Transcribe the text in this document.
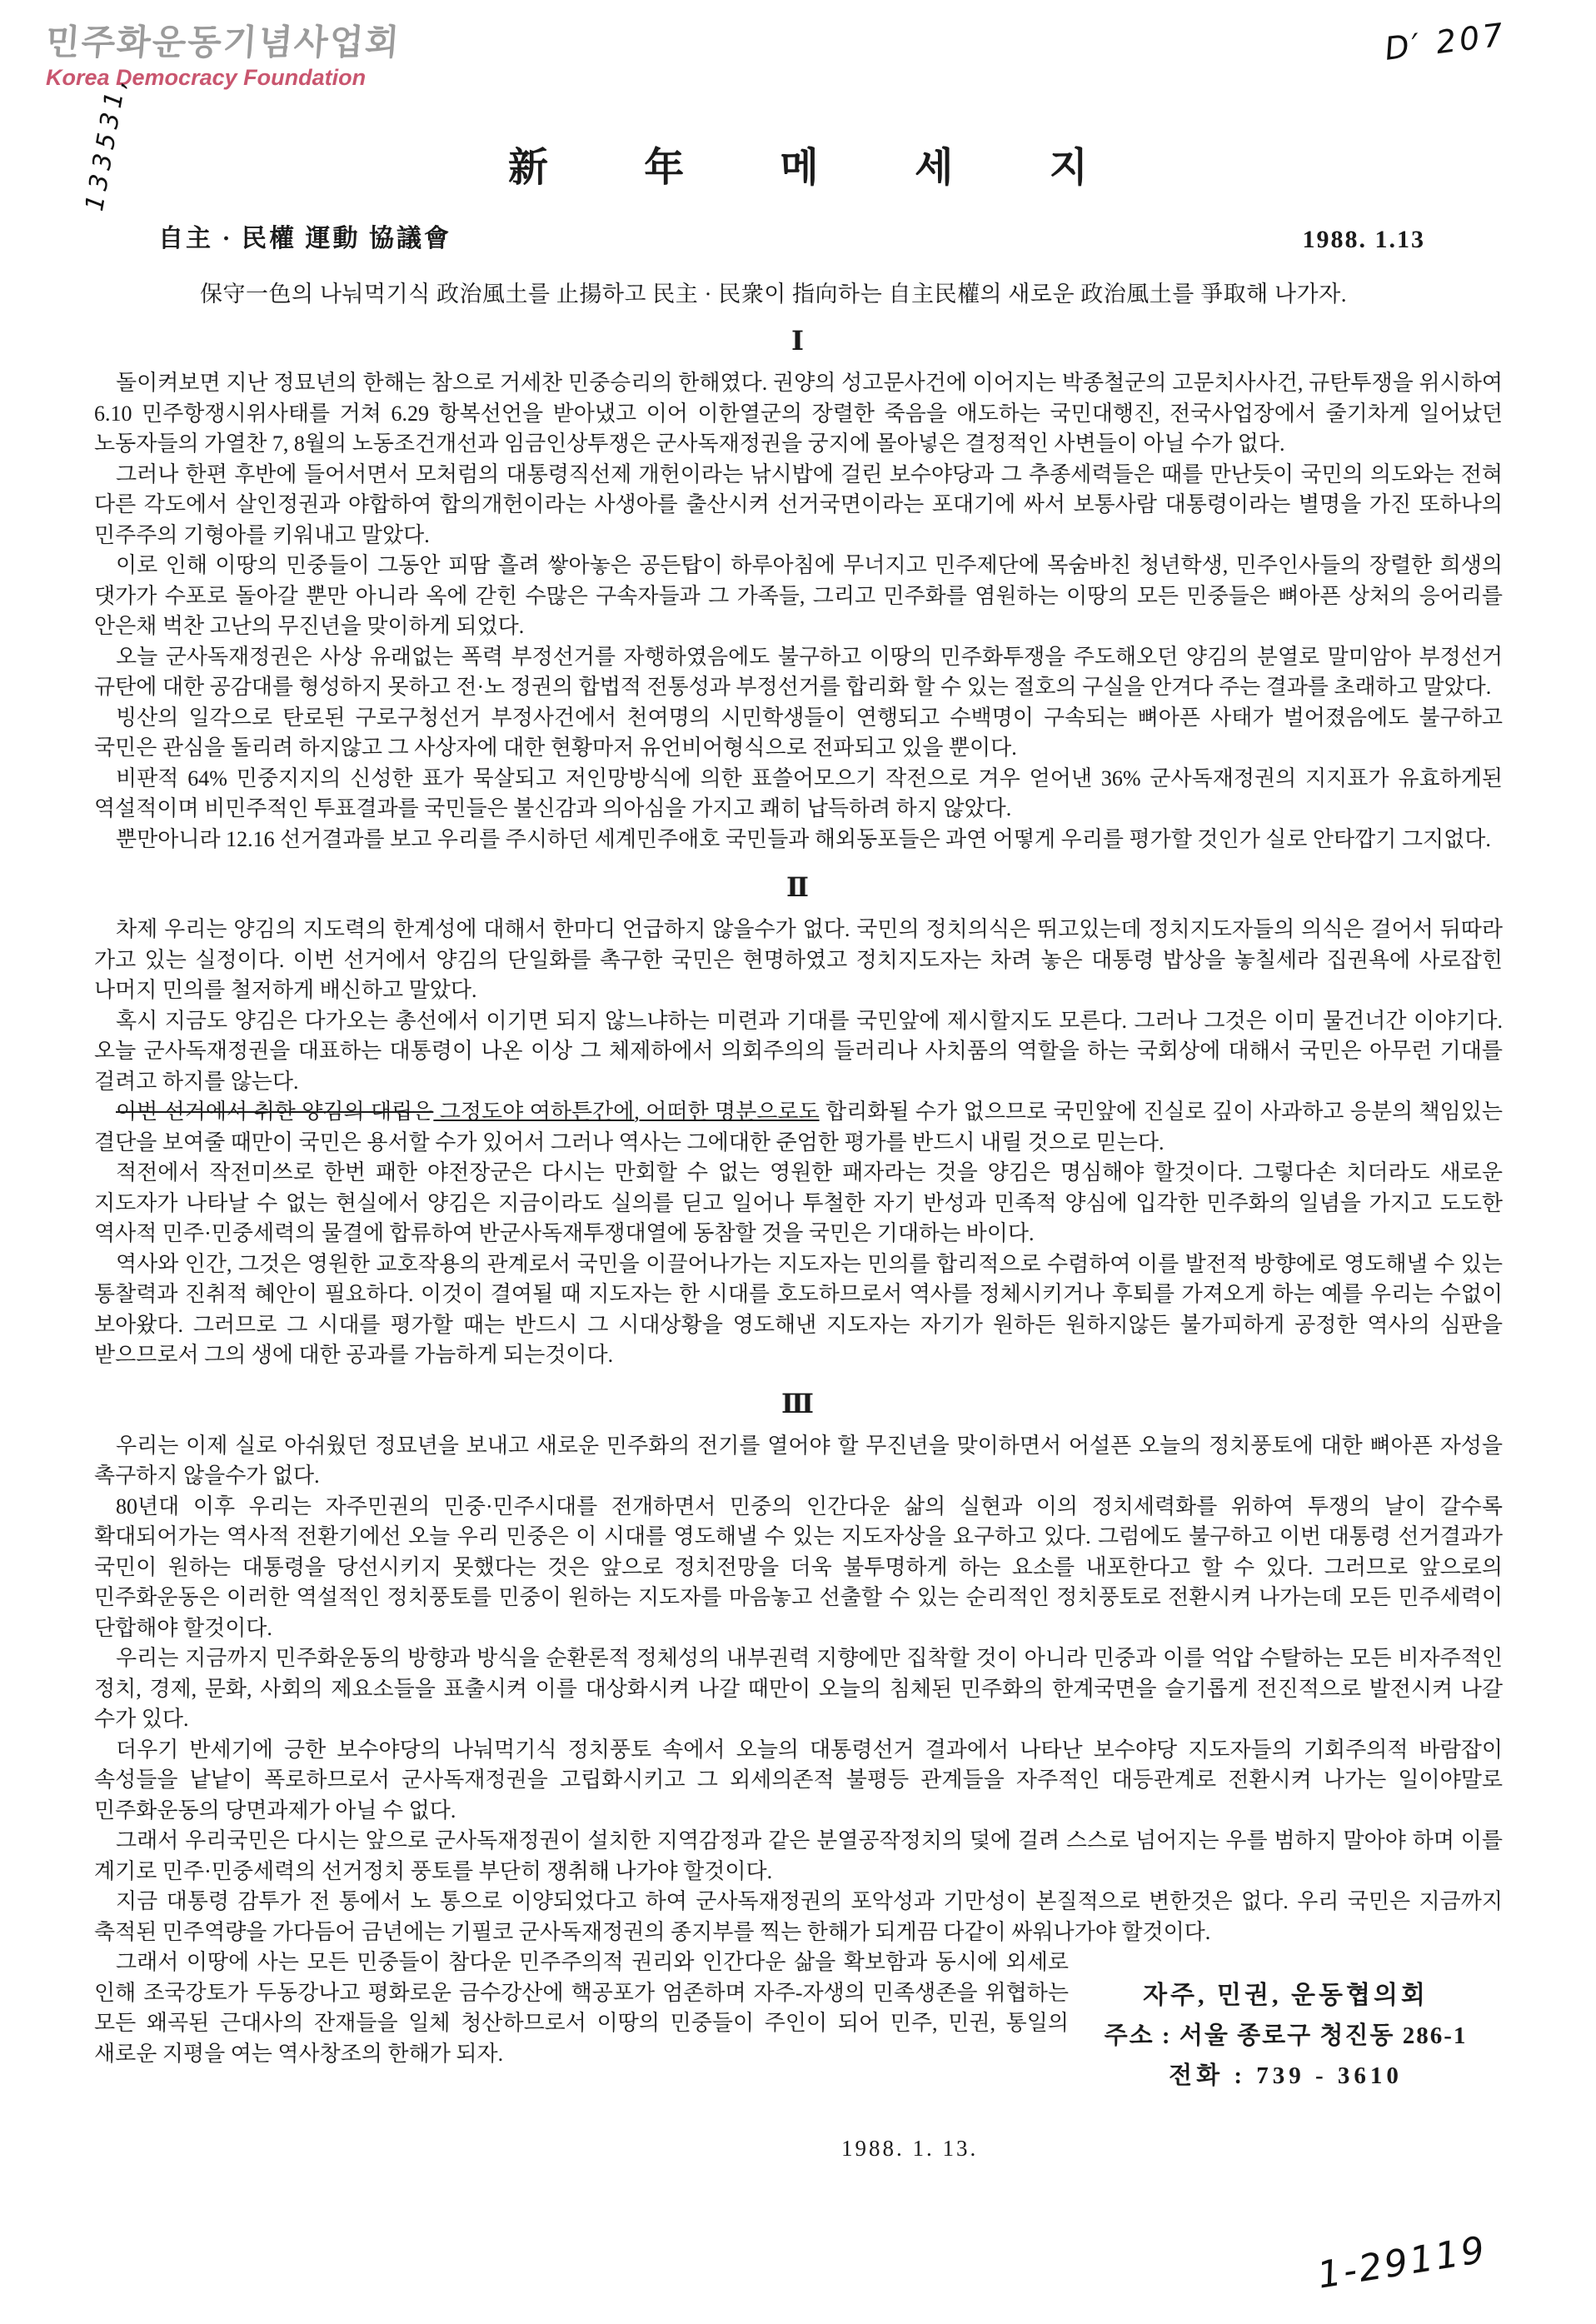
민주화운동기념사업회
Korea Democracy Foundation
133531,
D′ 207
1-29119
新年메세지
自主 · 民權 運動 協議會	1988. 1.13
保守一色의 나눠먹기식 政治風土를 止揚하고 民主 · 民衆이 指向하는 自主民權의 새로운 政治風土를 爭取해 나가자.
Ⅰ

돌이켜보면 지난 정묘년의 한해는 참으로 거세찬 민중승리의 한해였다. 권양의 성고문사건에 이어지는 박종철군의 고문치사사건, 규탄투쟁을 위시하여 6.10 민주항쟁시위사태를 거쳐 6.29 항복선언을 받아냈고 이어 이한열군의 장렬한 죽음을 애도하는 국민대행진, 전국사업장에서 줄기차게 일어났던 노동자들의 가열찬 7, 8월의 노동조건개선과 임금인상투쟁은 군사독재정권을 궁지에 몰아넣은 결정적인 사변들이 아닐 수가 없다.

그러나 한편 후반에 들어서면서 모처럼의 대통령직선제 개헌이라는 낚시밥에 걸린 보수야당과 그 추종세력들은 때를 만난듯이 국민의 의도와는 전혀 다른 각도에서 살인정권과 야합하여 합의개헌이라는 사생아를 출산시켜 선거국면이라는 포대기에 싸서 보통사람 대통령이라는 별명을 가진 또하나의 민주주의 기형아를 키워내고 말았다.

이로 인해 이땅의 민중들이 그동안 피땀 흘려 쌓아놓은 공든탑이 하루아침에 무너지고 민주제단에 목숨바친 청년학생, 민주인사들의 장렬한 희생의 댓가가 수포로 돌아갈 뿐만 아니라 옥에 갇힌 수많은 구속자들과 그 가족들, 그리고 민주화를 염원하는 이땅의 모든 민중들은 뼈아픈 상처의 응어리를 안은채 벅찬 고난의 무진년을 맞이하게 되었다.

오늘 군사독재정권은 사상 유래없는 폭력 부정선거를 자행하였음에도 불구하고 이땅의 민주화투쟁을 주도해오던 양김의 분열로 말미암아 부정선거 규탄에 대한 공감대를 형성하지 못하고 전·노 정권의 합법적 전통성과 부정선거를 합리화 할 수 있는 절호의 구실을 안겨다 주는 결과를 초래하고 말았다.

빙산의 일각으로 탄로된 구로구청선거 부정사건에서 천여명의 시민학생들이 연행되고 수백명이 구속되는 뼈아픈 사태가 벌어졌음에도 불구하고 국민은 관심을 돌리려 하지않고 그 사상자에 대한 현황마저 유언비어형식으로 전파되고 있을 뿐이다.

비판적 64% 민중지지의 신성한 표가 묵살되고 저인망방식에 의한 표쓸어모으기 작전으로 겨우 얻어낸 36% 군사독재정권의 지지표가 유효하게된 역설적이며 비민주적인 투표결과를 국민들은 불신감과 의아심을 가지고 쾌히 납득하려 하지 않았다.

뿐만아니라 12.16 선거결과를 보고 우리를 주시하던 세계민주애호 국민들과 해외동포들은 과연 어떻게 우리를 평가할 것인가 실로 안타깝기 그지없다.

Ⅱ

차제 우리는 양김의 지도력의 한계성에 대해서 한마디 언급하지 않을수가 없다. 국민의 정치의식은 뛰고있는데 정치지도자들의 의식은 걸어서 뒤따라 가고 있는 실정이다. 이번 선거에서 양김의 단일화를 촉구한 국민은 현명하였고 정치지도자는 차려 놓은 대통령 밥상을 놓칠세라 집권욕에 사로잡힌 나머지 민의를 철저하게 배신하고 말았다.

혹시 지금도 양김은 다가오는 총선에서 이기면 되지 않느냐하는 미련과 기대를 국민앞에 제시할지도 모른다. 그러나 그것은 이미 물건너간 이야기다. 오늘 군사독재정권을 대표하는 대통령이 나온 이상 그 체제하에서 의회주의의 들러리나 사치품의 역할을 하는 국회상에 대해서 국민은 아무런 기대를 걸려고 하지를 않는다.

이번 선거에서 취한 양김의 대립은 그정도야 여하튼간에, 어떠한 명분으로도 합리화될 수가 없으므로 국민앞에 진실로 깊이 사과하고 응분의 책임있는 결단을 보여줄 때만이 국민은 용서할 수가 있어서 그러나 역사는 그에대한 준엄한 평가를 반드시 내릴 것으로 믿는다.

적전에서 작전미쓰로 한번 패한 야전장군은 다시는 만회할 수 없는 영원한 패자라는 것을 양김은 명심해야 할것이다. 그렇다손 치더라도 새로운 지도자가 나타날 수 없는 현실에서 양김은 지금이라도 실의를 딛고 일어나 투철한 자기 반성과 민족적 양심에 입각한 민주화의 일념을 가지고 도도한 역사적 민주·민중세력의 물결에 합류하여 반군사독재투쟁대열에 동참할 것을 국민은 기대하는 바이다.

역사와 인간, 그것은 영원한 교호작용의 관계로서 국민을 이끌어나가는 지도자는 민의를 합리적으로 수렴하여 이를 발전적 방향에로 영도해낼 수 있는 통찰력과 진취적 혜안이 필요하다. 이것이 결여될 때 지도자는 한 시대를 호도하므로서 역사를 정체시키거나 후퇴를 가져오게 하는 예를 우리는 수없이 보아왔다. 그러므로 그 시대를 평가할 때는 반드시 그 시대상황을 영도해낸 지도자는 자기가 원하든 원하지않든 불가피하게 공정한 역사의 심판을 받으므로서 그의 생에 대한 공과를 가늠하게 되는것이다.

Ⅲ

우리는 이제 실로 아쉬웠던 정묘년을 보내고 새로운 민주화의 전기를 열어야 할 무진년을 맞이하면서 어설픈 오늘의 정치풍토에 대한 뼈아픈 자성을 촉구하지 않을수가 없다.

80년대 이후 우리는 자주민권의 민중·민주시대를 전개하면서 민중의 인간다운 삶의 실현과 이의 정치세력화를 위하여 투쟁의 날이 갈수록 확대되어가는 역사적 전환기에선 오늘 우리 민중은 이 시대를 영도해낼 수 있는 지도자상을 요구하고 있다. 그럼에도 불구하고 이번 대통령 선거결과가 국민이 원하는 대통령을 당선시키지 못했다는 것은 앞으로 정치전망을 더욱 불투명하게 하는 요소를 내포한다고 할 수 있다. 그러므로 앞으로의 민주화운동은 이러한 역설적인 정치풍토를 민중이 원하는 지도자를 마음놓고 선출할 수 있는 순리적인 정치풍토로 전환시켜 나가는데 모든 민주세력이 단합해야 할것이다.

우리는 지금까지 민주화운동의 방향과 방식을 순환론적 정체성의 내부권력 지향에만 집착할 것이 아니라 민중과 이를 억압 수탈하는 모든 비자주적인 정치, 경제, 문화, 사회의 제요소들을 표출시켜 이를 대상화시켜 나갈 때만이 오늘의 침체된 민주화의 한계국면을 슬기롭게 전진적으로 발전시켜 나갈 수가 있다.

더우기 반세기에 긍한 보수야당의 나눠먹기식 정치풍토 속에서 오늘의 대통령선거 결과에서 나타난 보수야당 지도자들의 기회주의적 바람잡이 속성들을 낱낱이 폭로하므로서 군사독재정권을 고립화시키고 그 외세의존적 불평등 관계들을 자주적인 대등관계로 전환시켜 나가는 일이야말로 민주화운동의 당면과제가 아닐 수 없다.

그래서 우리국민은 다시는 앞으로 군사독재정권이 설치한 지역감정과 같은 분열공작정치의 덫에 걸려 스스로 넘어지는 우를 범하지 말아야 하며 이를 계기로 민주·민중세력의 선거정치 풍토를 부단히 쟁취해 나가야 할것이다.

지금 대통령 감투가 전 통에서 노 통으로 이양되었다고 하여 군사독재정권의 포악성과 기만성이 본질적으로 변한것은 없다. 우리 국민은 지금까지 축적된 민주역량을 가다듬어 금년에는 기필코 군사독재정권의 종지부를 찍는 한해가 되게끔 다같이 싸워나가야 할것이다.

그래서 이땅에 사는 모든 민중들이 참다운 민주주의적 권리와 인간다운 삶을 확보함과 동시에 외세로 인해 조국강토가 두동강나고 평화로운 금수강산에 핵공포가 엄존하며 자주-자생의 민족생존을 위협하는 모든 왜곡된 근대사의 잔재들을 일체 청산하므로서 이땅의 민중들이 주인이 되어 민주, 민권, 통일의 새로운 지평을 여는 역사창조의 한해가 되자.

자주, 민권, 운동협의회
주소 : 서울 종로구 청진동 286-1
전화 : 739 - 3610
1988. 1. 13.
